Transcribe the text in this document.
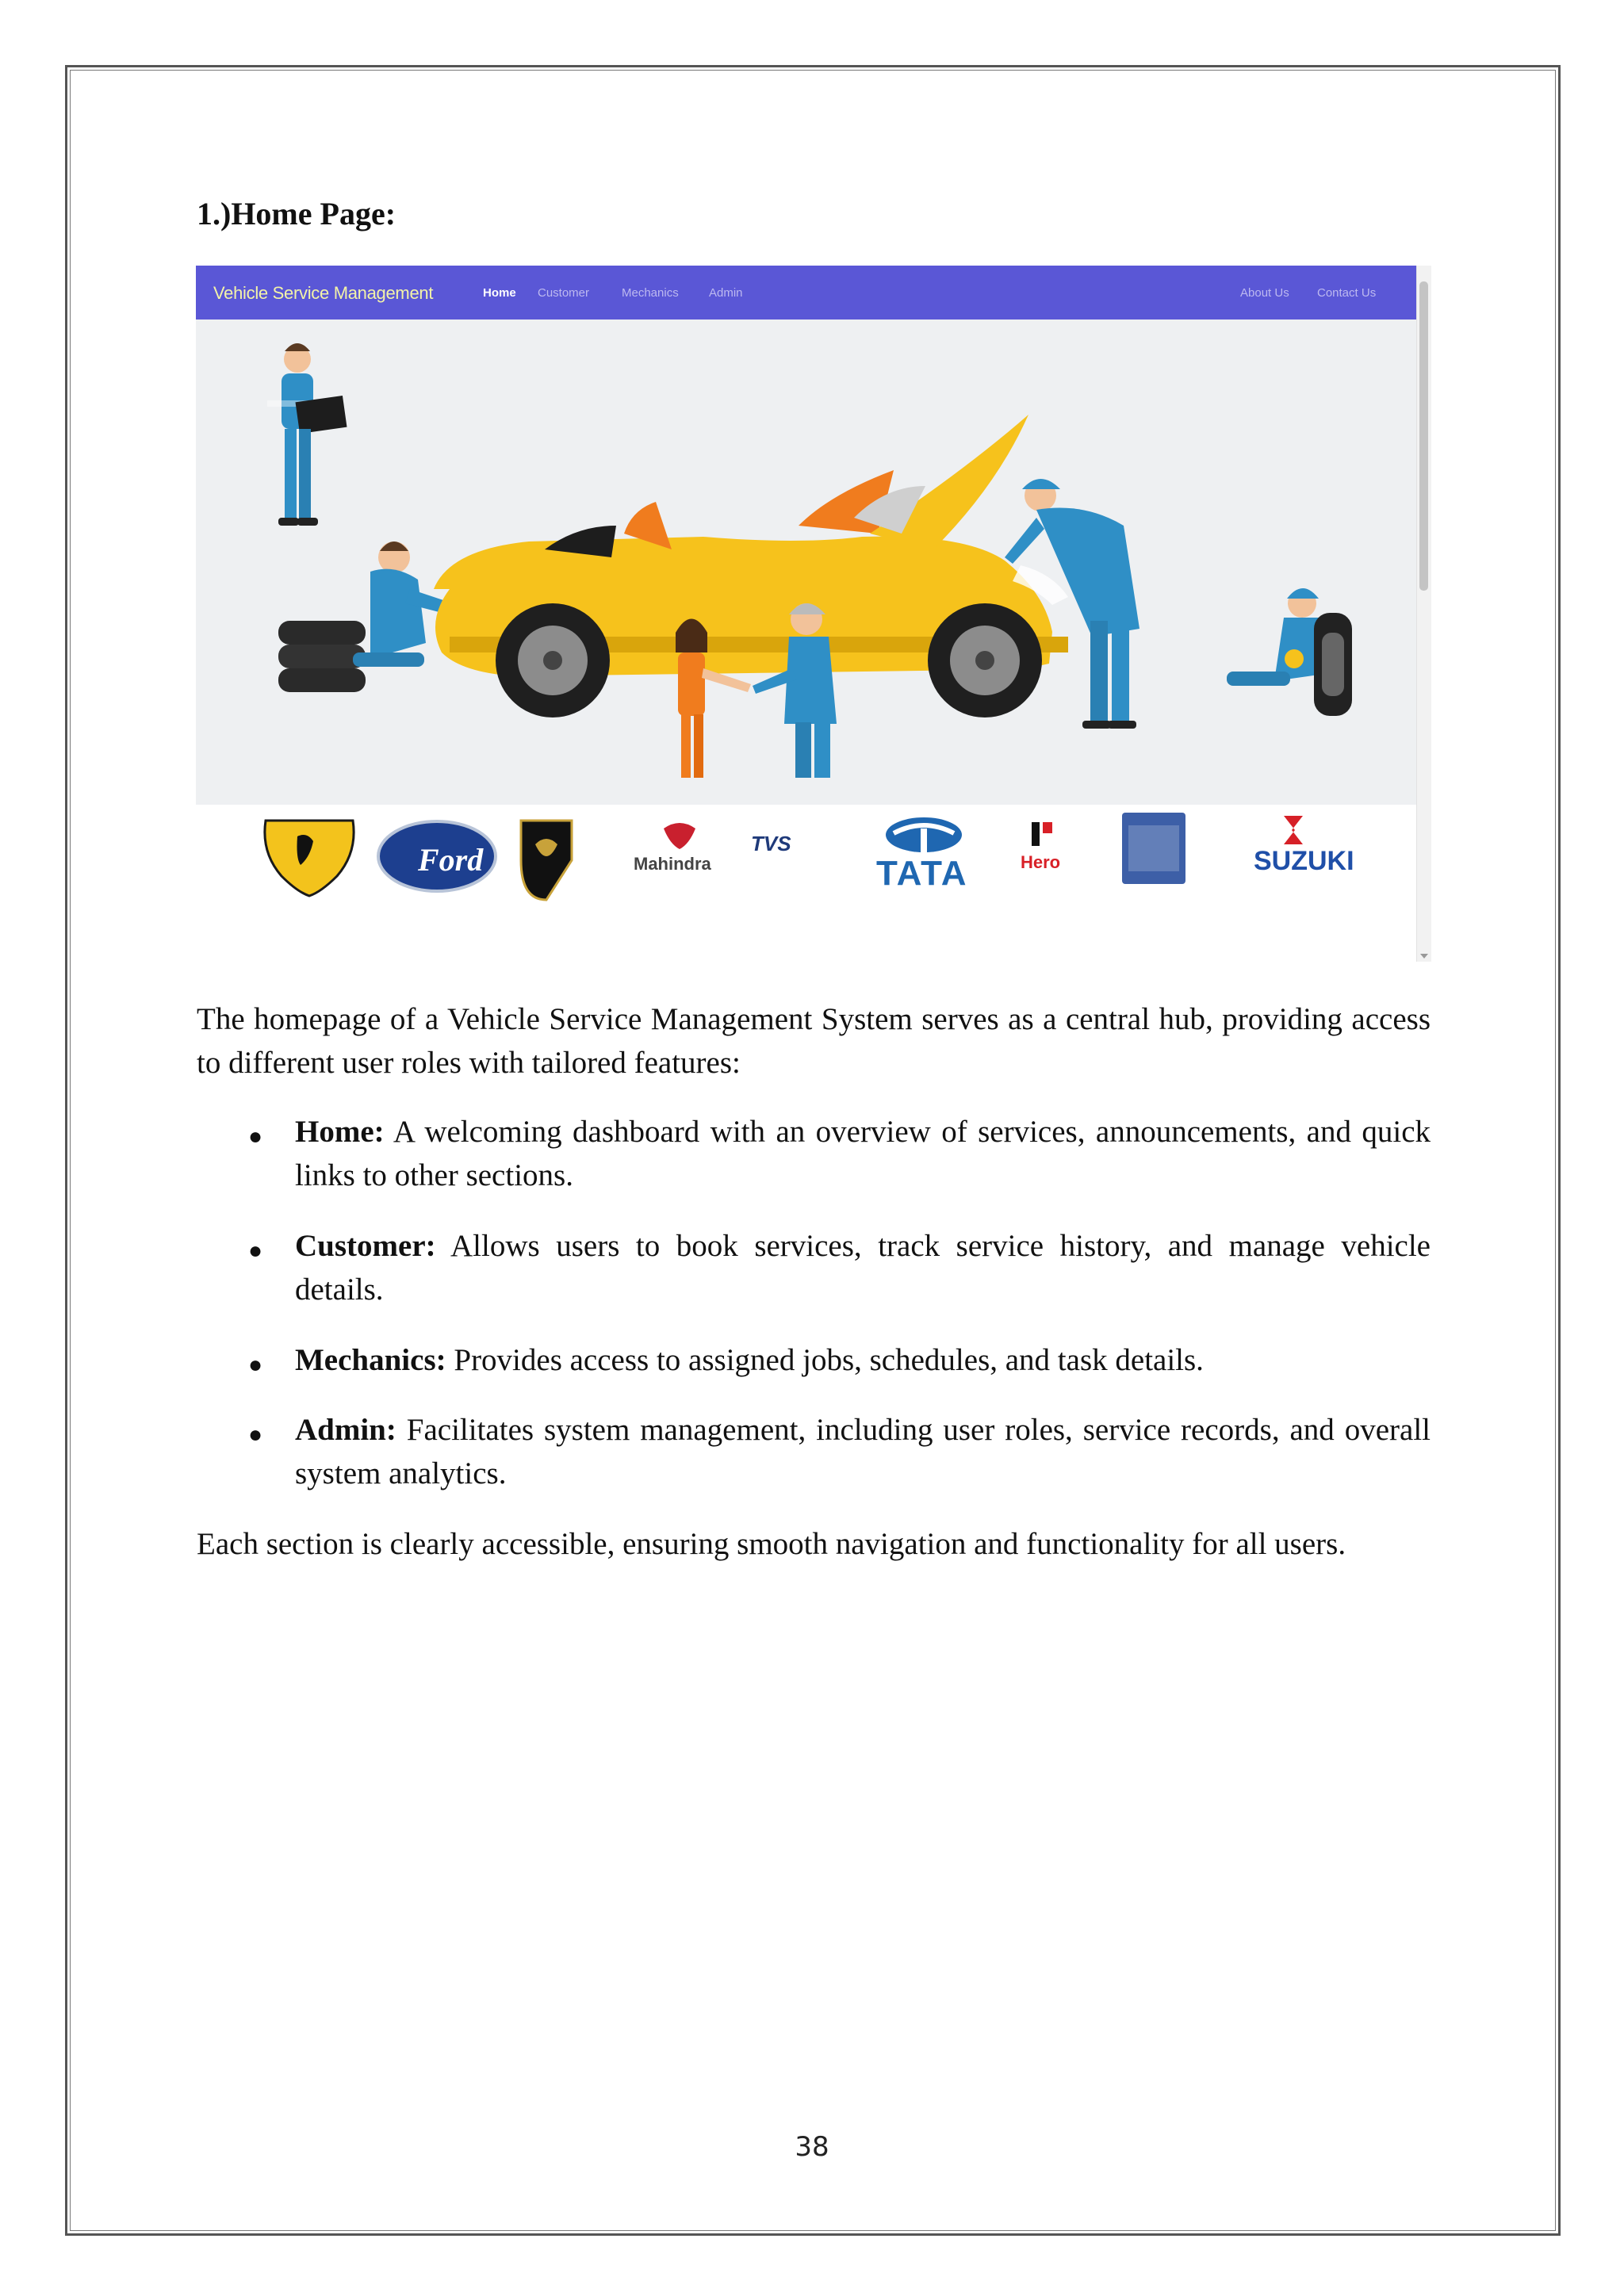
1.)Home Page:
Vehicle Service Management	Home Customer	Mechanics	Admin	About Us Contact Us
Ford	Mahindra
TVS
TATA	Hero	SUZUKI
The homepage of a Vehicle Service Management System serves as a central hub, providing access to different user roles with tailored features:
● Home: A welcoming dashboard with an overview of services, announcements, and quick links to other sections.
● Customer: Allows users to book services, track service history, and manage vehicle details.
● Mechanics: Provides access to assigned jobs, schedules, and task details.
● Admin: Facilitates system management, including user roles, service records, and overall system analytics.
Each section is clearly accessible, ensuring smooth navigation and functionality for all users.
38
